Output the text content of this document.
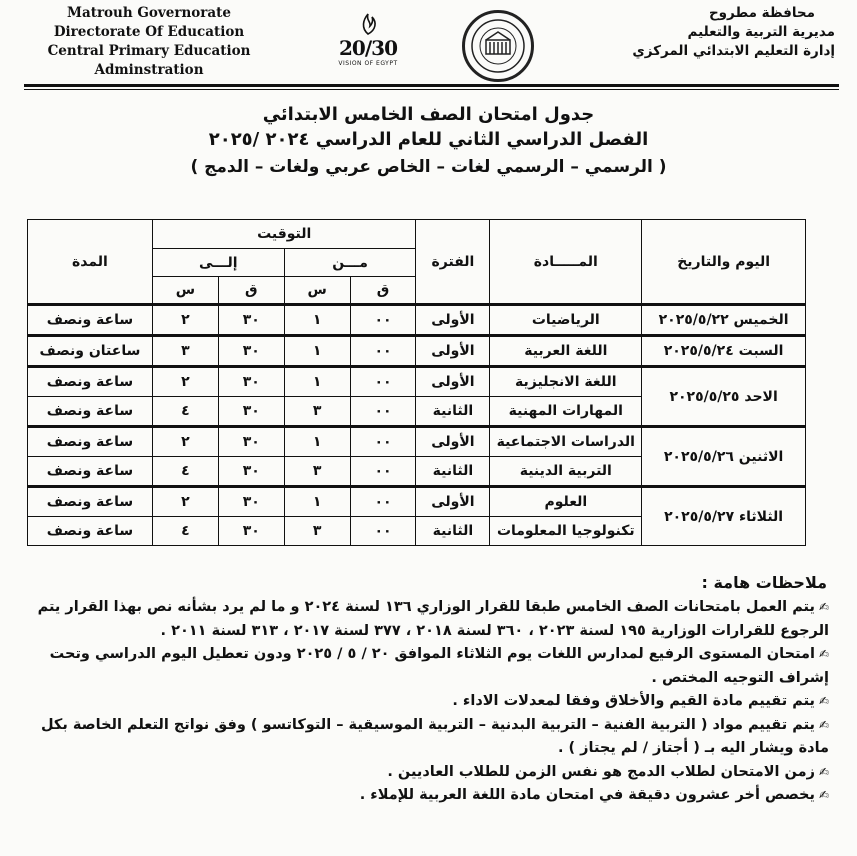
Matrouh Governorate
Directorate Of Education
Central Primary Education Adminstration
20/30
VISION OF EGYPT
محافظة مطروح
مديرية التربية والتعليم
إدارة التعليم الابتدائي المركزي
جدول امتحان الصف الخامس الابتدائي
الفصل الدراسي الثاني للعام الدراسي ٢٠٢٤ /٢٠٢٥
( الرسمي – الرسمي لغات – الخاص عربي ولغات – الدمج )
اليوم والتاريخ	المـــــادة	الفترة	التوقيت				المدة
			مـــن		إلـــى		
			ق	س	ق	س	
الخميس ٢٠٢٥/٥/٢٢	الرياضيات	الأولى	٠٠	١	٣٠	٢	ساعة ونصف
السبت ٢٠٢٥/٥/٢٤	اللغة العربية	الأولى	٠٠	١	٣٠	٣	ساعتان ونصف
الاحد ٢٠٢٥/٥/٢٥	اللغة الانجليزية	الأولى	٠٠	١	٣٠	٢	ساعة ونصف
	المهارات المهنية	الثانية	٠٠	٣	٣٠	٤	ساعة ونصف
الاثنين ٢٠٢٥/٥/٢٦	الدراسات الاجتماعية	الأولى	٠٠	١	٣٠	٢	ساعة ونصف
	التربية الدينية	الثانية	٠٠	٣	٣٠	٤	ساعة ونصف
الثلاثاء ٢٠٢٥/٥/٢٧	العلوم	الأولى	٠٠	١	٣٠	٢	ساعة ونصف
	تكنولوجيا المعلومات	الثانية	٠٠	٣	٣٠	٤	ساعة ونصف
ملاحظات هامة :

✍يتم العمل بامتحانات الصف الخامس طبقا للقرار الوزاري ١٣٦ لسنة ٢٠٢٤ و ما لم يرد بشأنه نص بهذا القرار يتم الرجوع للقرارات الوزارية ١٩٥ لسنة ٢٠٢٣ ، ٣٦٠ لسنة ٢٠١٨ ، ٣٧٧ لسنة ٢٠١٧ ، ٣١٣ لسنة ٢٠١١ .

✍امتحان المستوى الرفيع لمدارس اللغات يوم الثلاثاء الموافق ٢٠ / ٥ / ٢٠٢٥ ودون تعطيل اليوم الدراسي وتحت إشراف التوجيه المختص .

✍يتم تقييم مادة القيم والأخلاق وفقا لمعدلات الاداء .

✍يتم تقييم مواد ( التربية الفنية – التربية البدنية – التربية الموسيقية – التوكاتسو ) وفق نواتج التعلم الخاصة بكل مادة ويشار اليه بـ ( أجتاز / لم يجتاز ) .

✍زمن الامتحان لطلاب الدمج هو نفس الزمن للطلاب العاديين .

✍يخصص أخر عشرون دقيقة في امتحان مادة اللغة العربية للإملاء .
